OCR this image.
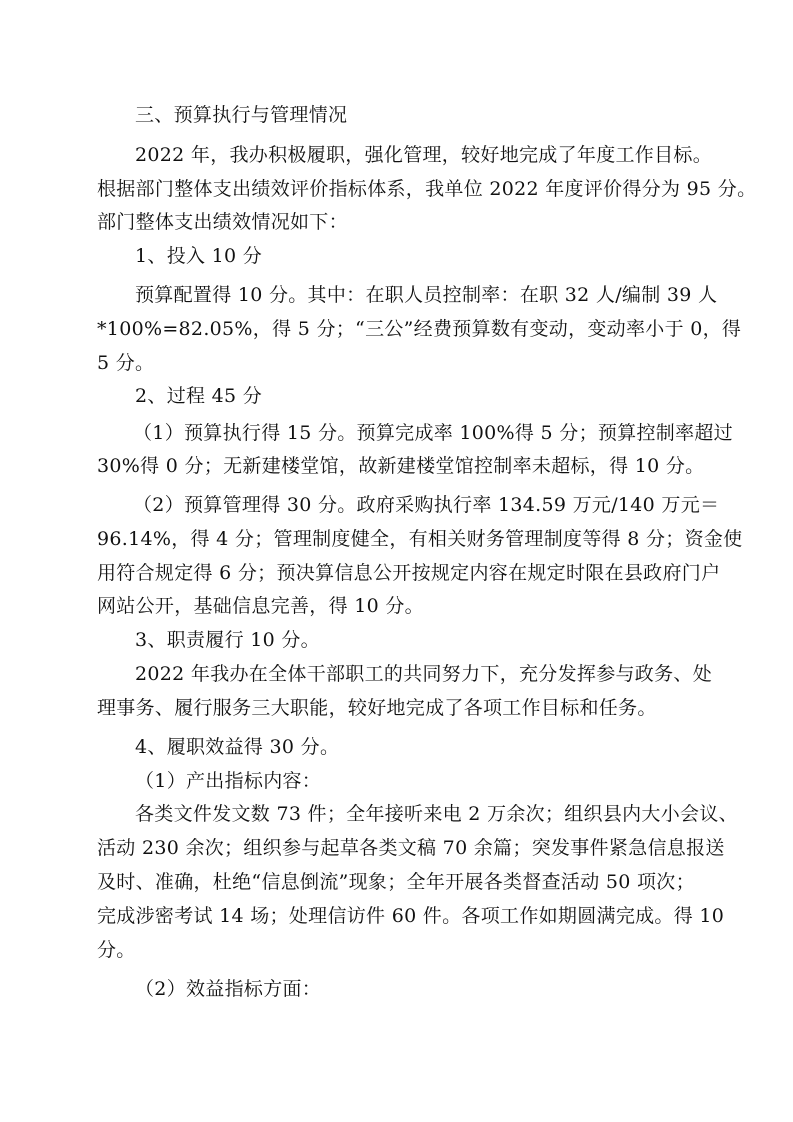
三、预算执行与管理情况
2022 年，我办积极履职，强化管理，较好地完成了年度工作目标。
根据部门整体支出绩效评价指标体系，我单位 2022 年度评价得分为 95 分。
部门整体支出绩效情况如下：
1、投入 10 分
预算配置得 10 分。其中：在职人员控制率：在职 32 人/编制 39 人
*100%=82.05%，得 5 分；“三公”经费预算数有变动，变动率小于 0，得
5 分。
2、过程 45 分
（1）预算执行得 15 分。预算完成率 100%得 5 分；预算控制率超过
30%得 0 分；无新建楼堂馆，故新建楼堂馆控制率未超标，得 10 分。
（2）预算管理得 30 分。政府采购执行率 134.59 万元/140 万元＝
96.14%，得 4 分；管理制度健全，有相关财务管理制度等得 8 分；资金使
用符合规定得 6 分；预决算信息公开按规定内容在规定时限在县政府门户
网站公开，基础信息完善，得 10 分。
3、职责履行 10 分。
2022 年我办在全体干部职工的共同努力下，充分发挥参与政务、处
理事务、履行服务三大职能，较好地完成了各项工作目标和任务。
4、履职效益得 30 分。
（1）产出指标内容：
各类文件发文数 73 件；全年接听来电 2 万余次；组织县内大小会议、
活动 230 余次；组织参与起草各类文稿 70 余篇；突发事件紧急信息报送
及时、准确，杜绝“信息倒流”现象；全年开展各类督查活动 50 项次；
完成涉密考试 14 场；处理信访件 60 件。各项工作如期圆满完成。得 10
分。
（2）效益指标方面：
